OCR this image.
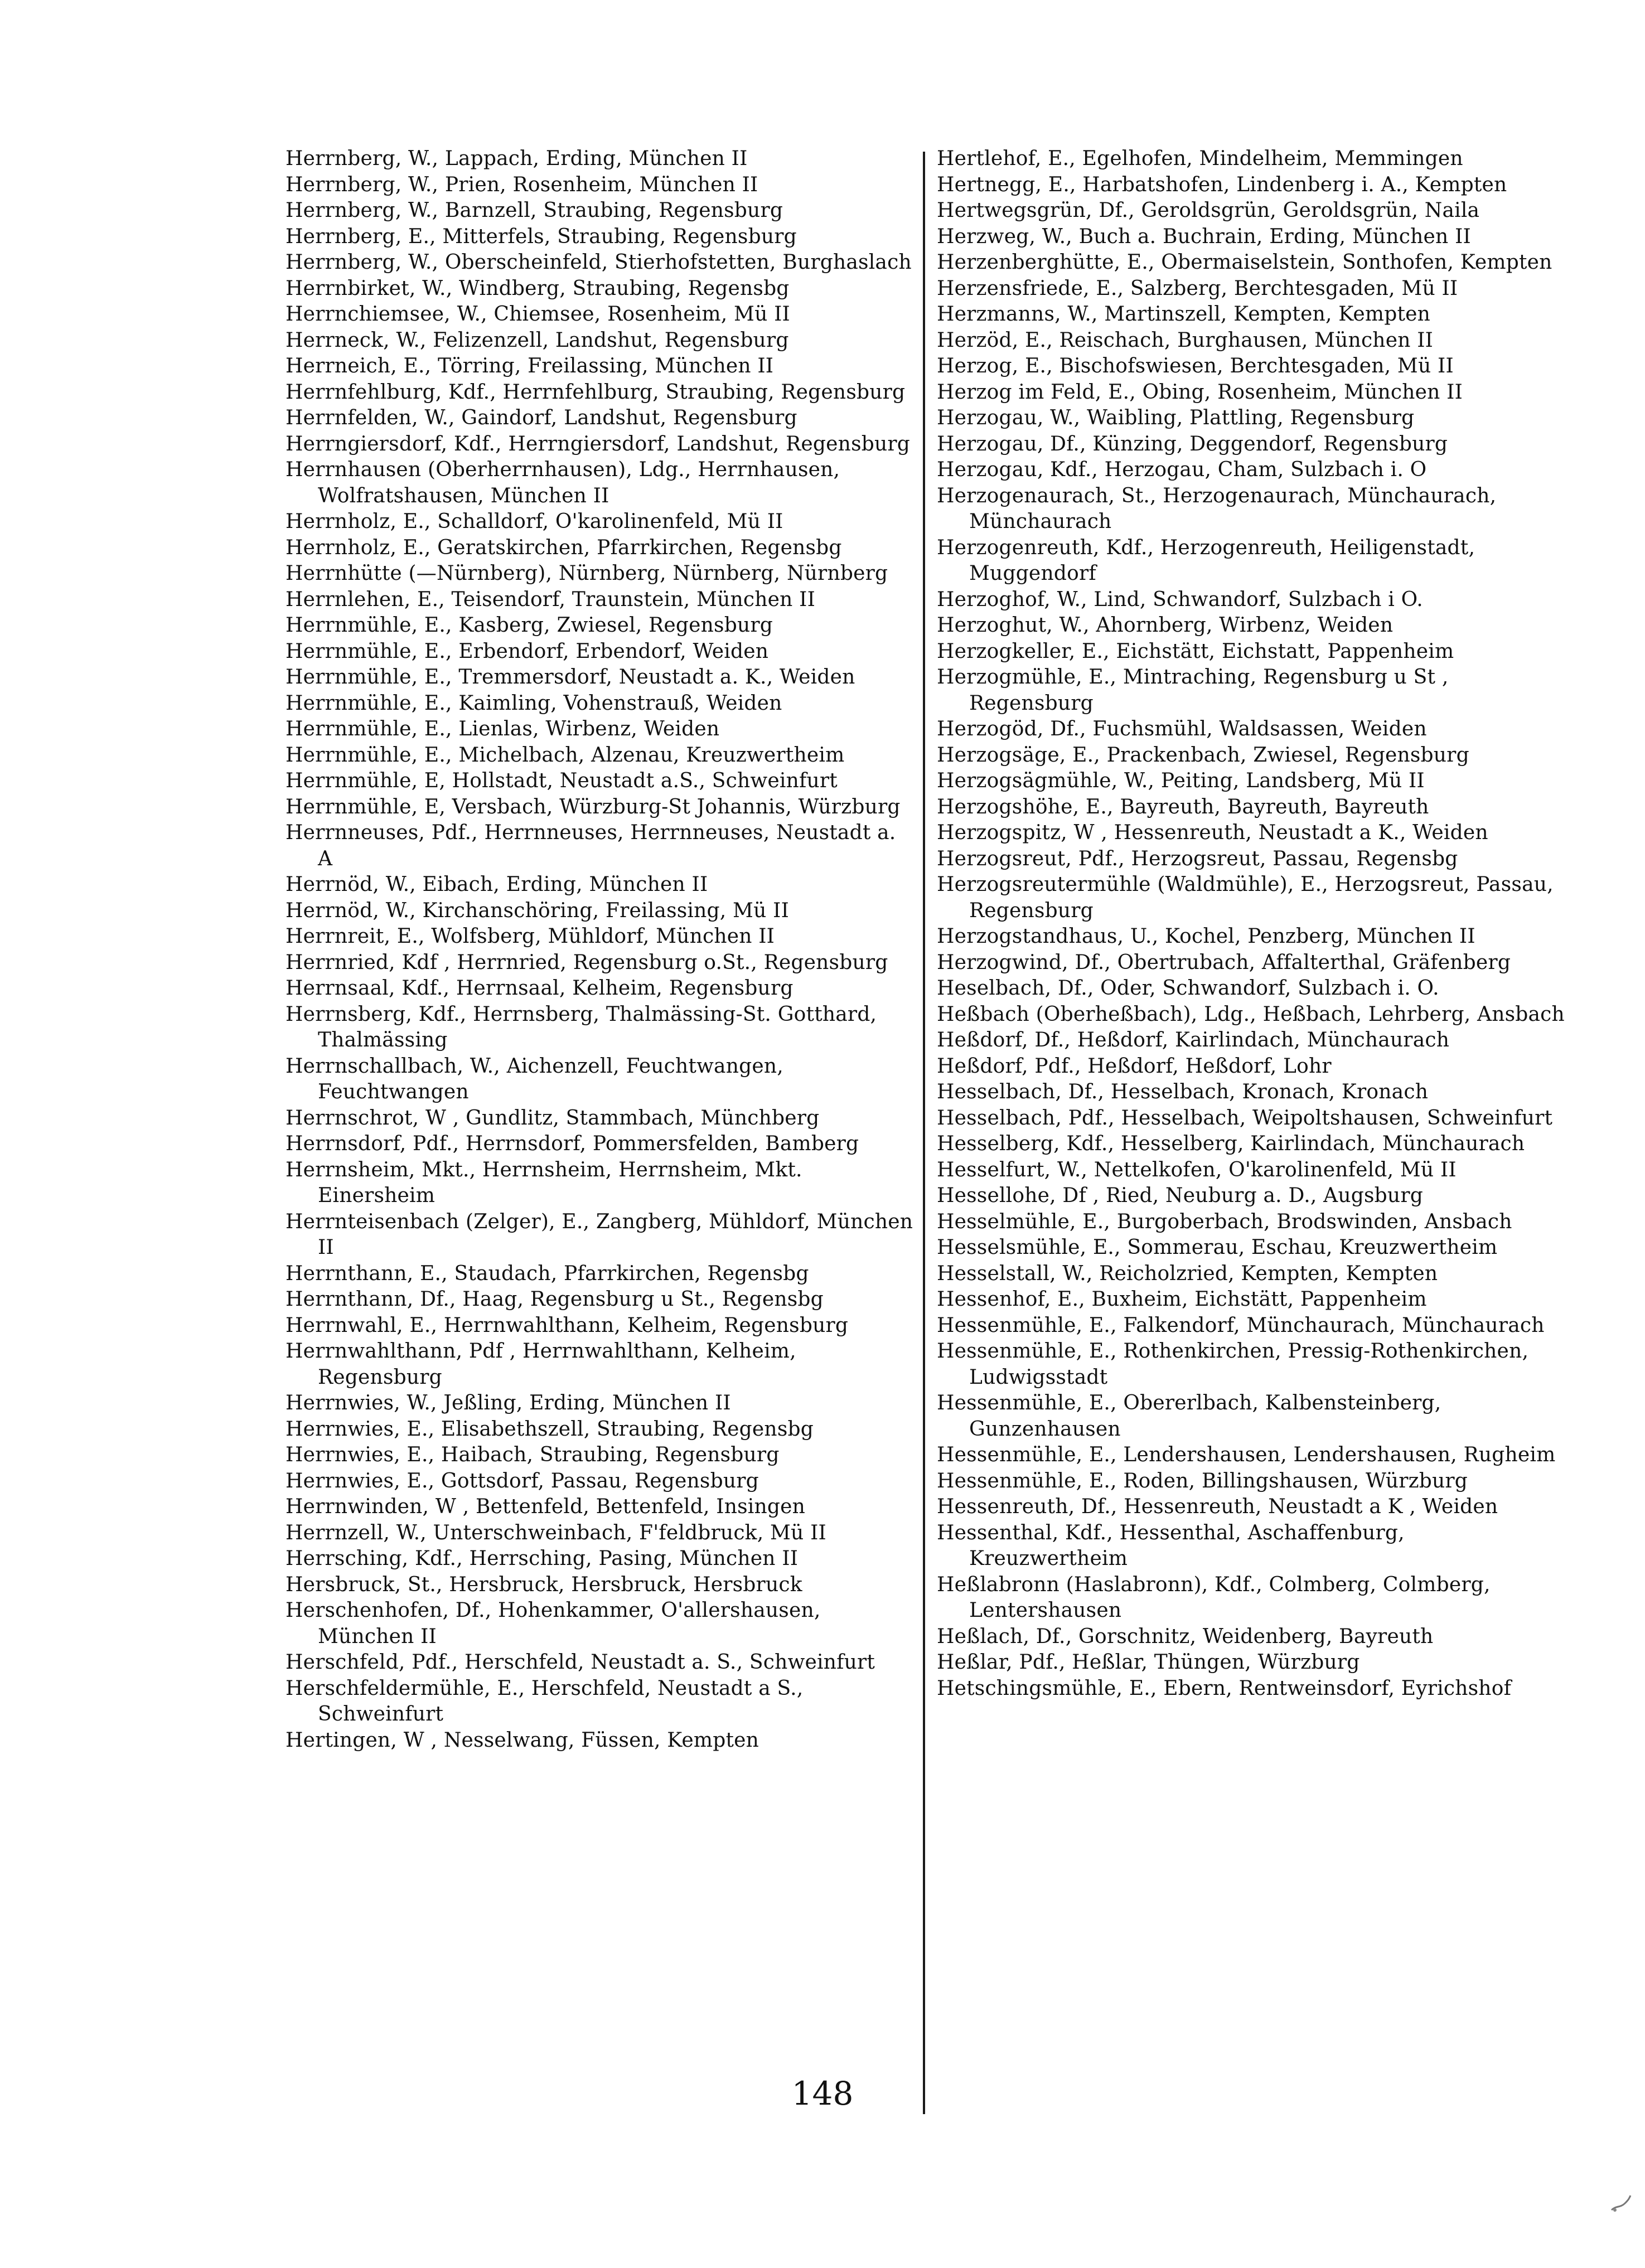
Herrnberg, W., Lappach, Erding, München II
Herrnberg, W., Prien, Rosenheim, München II
Herrnberg, W., Barnzell, Straubing, Regensburg
Herrnberg, E., Mitterfels, Straubing, Regensburg
Herrnberg, W., Oberscheinfeld, Stierhofstetten, Burghaslach
Herrnbirket, W., Windberg, Straubing, Regensbg
Herrnchiemsee, W., Chiemsee, Rosenheim, Mü II
Herrneck, W., Felizenzell, Landshut, Regensburg
Herrneich, E., Törring, Freilassing, München II
Herrnfehlburg, Kdf., Herrnfehlburg, Straubing, Regensburg
Herrnfelden, W., Gaindorf, Landshut, Regensburg
Herrngiersdorf, Kdf., Herrngiersdorf, Landshut, Regensburg
Herrnhausen (Oberherrnhausen), Ldg., Herrnhausen, Wolfratshausen, München II
Herrnholz, E., Schalldorf, O'karolinenfeld, Mü II
Herrnholz, E., Geratskirchen, Pfarrkirchen, Regensbg
Herrnhütte (—Nürnberg), Nürnberg, Nürnberg, Nürnberg
Herrnlehen, E., Teisendorf, Traunstein, München II
Herrnmühle, E., Kasberg, Zwiesel, Regensburg
Herrnmühle, E., Erbendorf, Erbendorf, Weiden
Herrnmühle, E., Tremmersdorf, Neustadt a. K., Weiden
Herrnmühle, E., Kaimling, Vohenstrauß, Weiden
Herrnmühle, E., Lienlas, Wirbenz, Weiden
Herrnmühle, E., Michelbach, Alzenau, Kreuzwertheim
Herrnmühle, E, Hollstadt, Neustadt a.S., Schweinfurt
Herrnmühle, E, Versbach, Würzburg-St Johannis, Würzburg
Herrnneuses, Pdf., Herrnneuses, Herrnneuses, Neustadt a. A
Herrnöd, W., Eibach, Erding, München II
Herrnöd, W., Kirchanschöring, Freilassing, Mü II
Herrnreit, E., Wolfsberg, Mühldorf, München II
Herrnried, Kdf , Herrnried, Regensburg o.St., Regensburg
Herrnsaal, Kdf., Herrnsaal, Kelheim, Regensburg
Herrnsberg, Kdf., Herrnsberg, Thalmässing-St. Gotthard, Thalmässing
Herrnschallbach, W., Aichenzell, Feuchtwangen, Feuchtwangen
Herrnschrot, W , Gundlitz, Stammbach, Münchberg
Herrnsdorf, Pdf., Herrnsdorf, Pommersfelden, Bamberg
Herrnsheim, Mkt., Herrnsheim, Herrnsheim, Mkt. Einersheim
Herrnteisenbach (Zelger), E., Zangberg, Mühldorf, München II
Herrnthann, E., Staudach, Pfarrkirchen, Regensbg
Herrnthann, Df., Haag, Regensburg u St., Regensbg
Herrnwahl, E., Herrnwahlthann, Kelheim, Regensburg
Herrnwahlthann, Pdf , Herrnwahlthann, Kelheim, Regensburg
Herrnwies, W., Jeßling, Erding, München II
Herrnwies, E., Elisabethszell, Straubing, Regensbg
Herrnwies, E., Haibach, Straubing, Regensburg
Herrnwies, E., Gottsdorf, Passau, Regensburg
Herrnwinden, W , Bettenfeld, Bettenfeld, Insingen
Herrnzell, W., Unterschweinbach, F'feldbruck, Mü II
Herrsching, Kdf., Herrsching, Pasing, München II
Hersbruck, St., Hersbruck, Hersbruck, Hersbruck
Herschenhofen, Df., Hohenkammer, O'allershausen, München II
Herschfeld, Pdf., Herschfeld, Neustadt a. S., Schweinfurt
Herschfeldermühle, E., Herschfeld, Neustadt a S., Schweinfurt
Hertingen, W , Nesselwang, Füssen, Kempten
Hertlehof, E., Egelhofen, Mindelheim, Memmingen
Hertnegg, E., Harbatshofen, Lindenberg i. A., Kempten
Hertwegsgrün, Df., Geroldsgrün, Geroldsgrün, Naila
Herzweg, W., Buch a. Buchrain, Erding, München II
Herzenberghütte, E., Obermaiselstein, Sonthofen, Kempten
Herzensfriede, E., Salzberg, Berchtesgaden, Mü II
Herzmanns, W., Martinszell, Kempten, Kempten
Herzöd, E., Reischach, Burghausen, München II
Herzog, E., Bischofswiesen, Berchtesgaden, Mü II
Herzog im Feld, E., Obing, Rosenheim, München II
Herzogau, W., Waibling, Plattling, Regensburg
Herzogau, Df., Künzing, Deggendorf, Regensburg
Herzogau, Kdf., Herzogau, Cham, Sulzbach i. O
Herzogenaurach, St., Herzogenaurach, Münchaurach, Münchaurach
Herzogenreuth, Kdf., Herzogenreuth, Heiligenstadt, Muggendorf
Herzoghof, W., Lind, Schwandorf, Sulzbach i O.
Herzoghut, W., Ahornberg, Wirbenz, Weiden
Herzogkeller, E., Eichstätt, Eichstatt, Pappenheim
Herzogmühle, E., Mintraching, Regensburg u St , Regensburg
Herzogöd, Df., Fuchsmühl, Waldsassen, Weiden
Herzogsäge, E., Prackenbach, Zwiesel, Regensburg
Herzogsägmühle, W., Peiting, Landsberg, Mü II
Herzogshöhe, E., Bayreuth, Bayreuth, Bayreuth
Herzogspitz, W , Hessenreuth, Neustadt a K., Weiden
Herzogsreut, Pdf., Herzogsreut, Passau, Regensbg
Herzogsreutermühle (Waldmühle), E., Herzogsreut, Passau, Regensburg
Herzogstandhaus, U., Kochel, Penzberg, München II
Herzogwind, Df., Obertrubach, Affalterthal, Gräfenberg
Heselbach, Df., Oder, Schwandorf, Sulzbach i. O.
Heßbach (Oberheßbach), Ldg., Heßbach, Lehrberg, Ansbach
Heßdorf, Df., Heßdorf, Kairlindach, Münchaurach
Heßdorf, Pdf., Heßdorf, Heßdorf, Lohr
Hesselbach, Df., Hesselbach, Kronach, Kronach
Hesselbach, Pdf., Hesselbach, Weipoltshausen, Schweinfurt
Hesselberg, Kdf., Hesselberg, Kairlindach, Münchaurach
Hesselfurt, W., Nettelkofen, O'karolinenfeld, Mü II
Hessellohe, Df , Ried, Neuburg a. D., Augsburg
Hesselmühle, E., Burgoberbach, Brodswinden, Ansbach
Hesselsmühle, E., Sommerau, Eschau, Kreuzwertheim
Hesselstall, W., Reicholzried, Kempten, Kempten
Hessenhof, E., Buxheim, Eichstätt, Pappenheim
Hessenmühle, E., Falkendorf, Münchaurach, Münchaurach
Hessenmühle, E., Rothenkirchen, Pressig-Rothenkirchen, Ludwigsstadt
Hessenmühle, E., Obererlbach, Kalbensteinberg, Gunzenhausen
Hessenmühle, E., Lendershausen, Lendershausen, Rugheim
Hessenmühle, E., Roden, Billingshausen, Würzburg
Hessenreuth, Df., Hessenreuth, Neustadt a K , Weiden
Hessenthal, Kdf., Hessenthal, Aschaffenburg, Kreuzwertheim
Heßlabronn (Haslabronn), Kdf., Colmberg, Colmberg, Lentershausen
Heßlach, Df., Gorschnitz, Weidenberg, Bayreuth
Heßlar, Pdf., Heßlar, Thüngen, Würzburg
Hetschingsmühle, E., Ebern, Rentweinsdorf, Eyrichshof
148
